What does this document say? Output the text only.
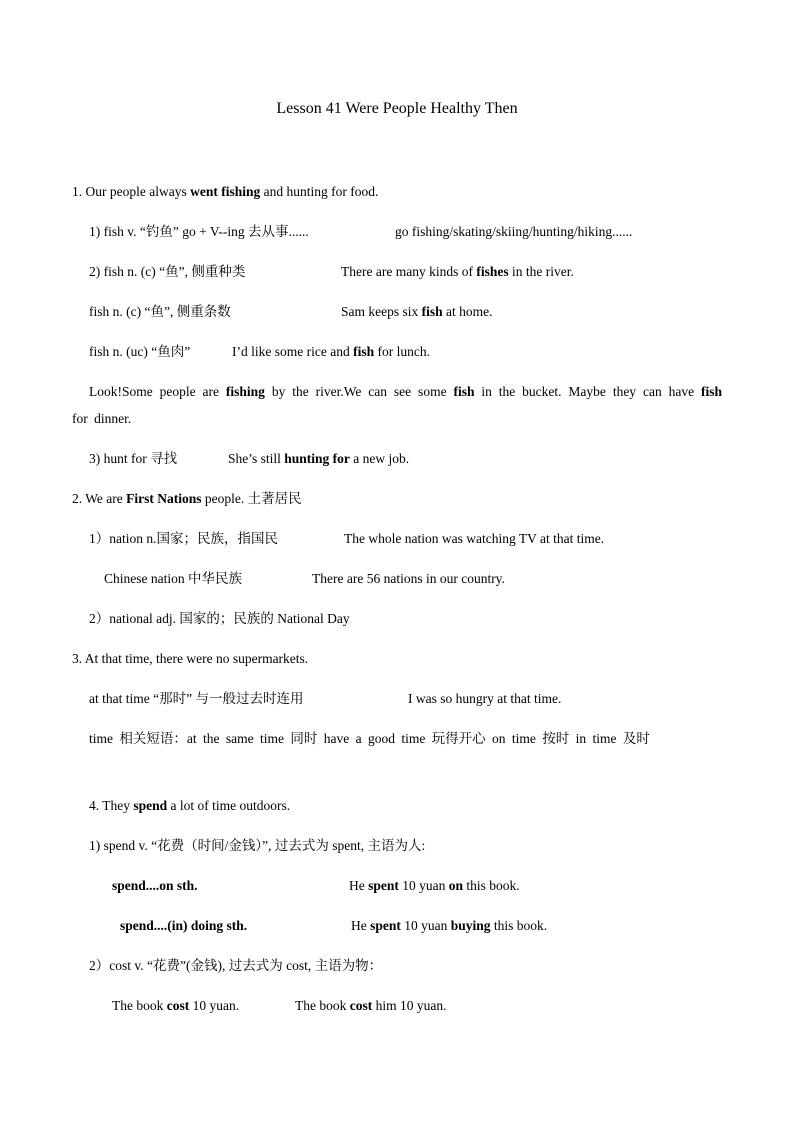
Lesson 41 Were People Healthy Then
1. Our people always went fishing and hunting for food.
1) fish v. “钓鱼” go + V--ing 去从事......	go fishing/skating/skiing/hunting/hiking......
2) fish n. (c) “鱼”, 侧重种类	There are many kinds of fishes in the river.
fish n. (c) “鱼”, 侧重条数	Sam keeps six fish at home.
fish n. (uc) “鱼肉”	I’d like some rice and fish for lunch.
Look!Some people are fishing by the river.We can see some fish in the bucket. Maybe they can have fish for dinner.
3) hunt for 寻找	She’s still hunting for a new job.
2. We are First Nations people. 土著居民
1）nation n.国家；民族，指国民	The whole nation was watching TV at that time.
Chinese nation 中华民族	There are 56 nations in our country.
2）national adj. 国家的；民族的 National Day
3. At that time, there were no supermarkets.
at that time “那时” 与一般过去时连用	I was so hungry at that time.
time 相关短语：at the same time 同时 have a good time 玩得开心 on time 按时 in time 及时
4. They spend a lot of time outdoors.
1) spend v. “花费（时间/金钱）”, 过去式为 spent, 主语为人:
spend....on sth.	He spent 10 yuan on this book.
spend....(in) doing sth.	He spent 10 yuan buying this book.
2）cost v. “花费”(金钱), 过去式为 cost, 主语为物：
The book cost 10 yuan.	The book cost him 10 yuan.
